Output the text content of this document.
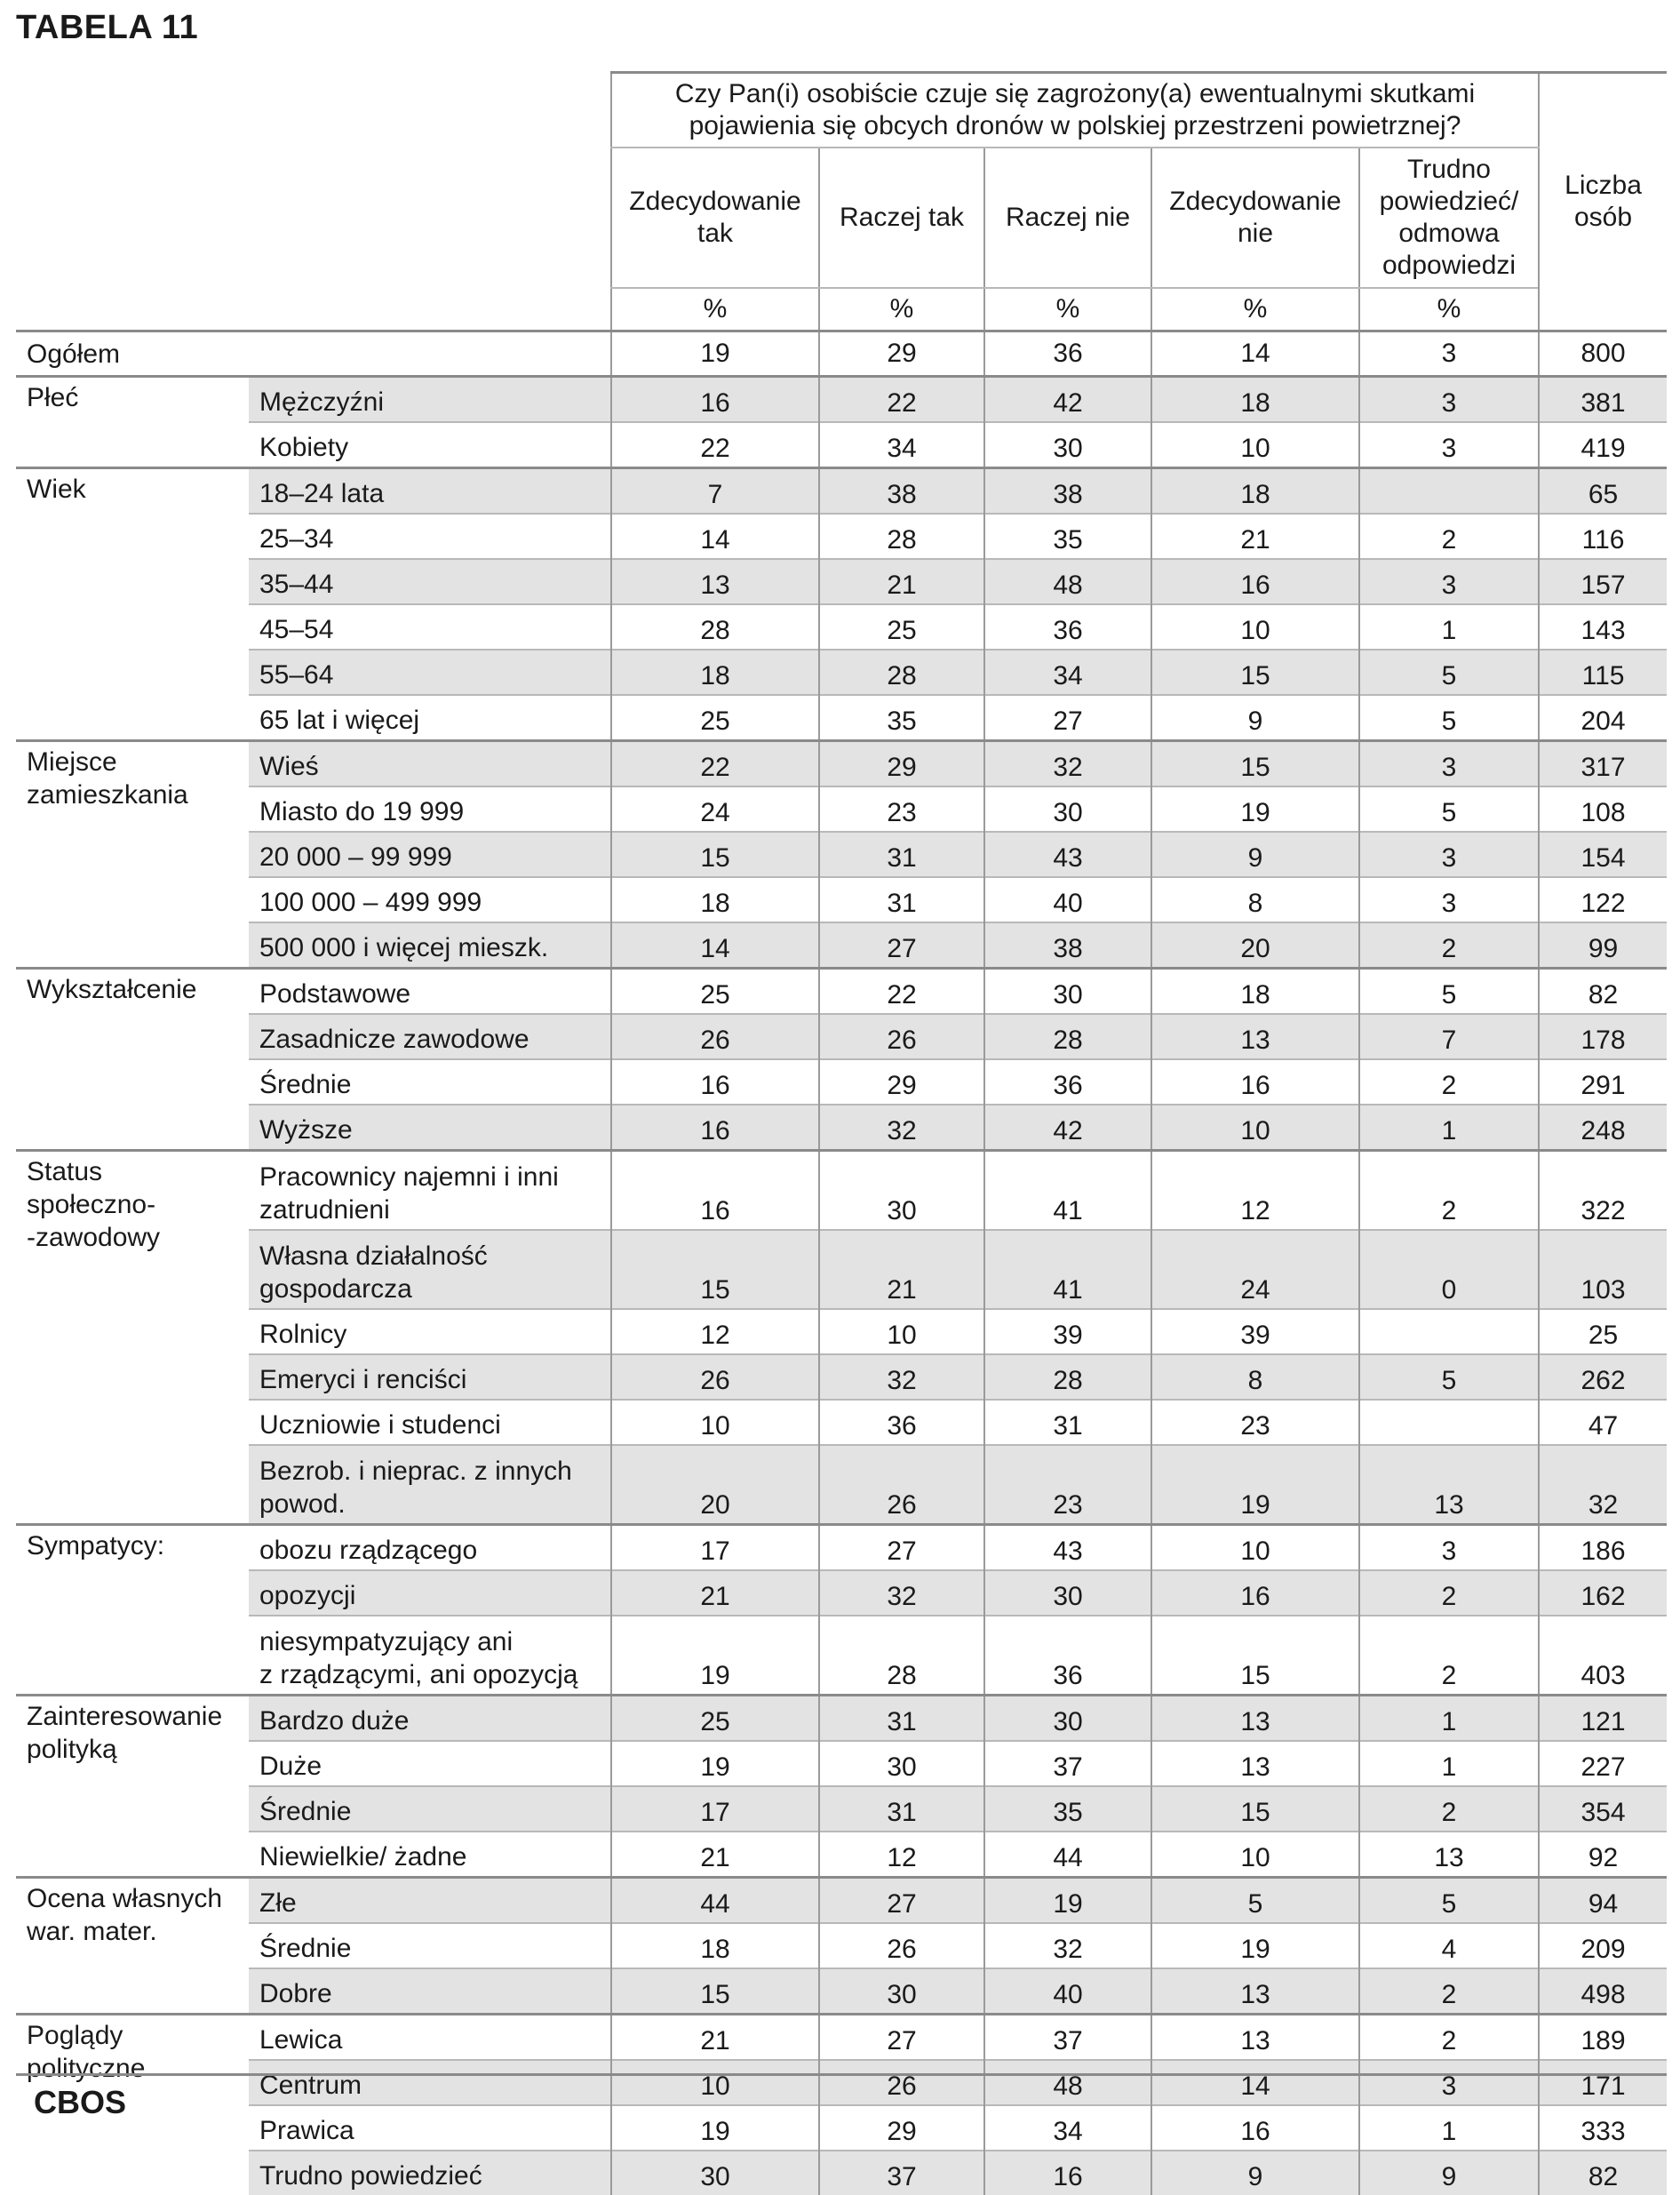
TABELA 11
		Czy Pan(i) osobiście czuje się zagrożony(a) ewentualnymi skutkami
pojawienia się obcych dronów w polskiej przestrzeni powietrznej?					Liczba
osób
		Zdecydowanie
tak	Raczej tak	Raczej nie	Zdecydowanie
nie	Trudno
powiedzieć/
odmowa
odpowiedzi	
		%	%	%	%	%	
Ogółem		19	29	36	14	3	800
Płeć	Mężczyźni	16	22	42	18	3	381

	Kobiety	22	34	30	10	3	419
Wiek	18–24 lata	7	38	38	18		65

	25–34	14	28	35	21	2	116

	35–44	13	21	48	16	3	157

	45–54	28	25	36	10	1	143

	55–64	18	28	34	15	5	115

	65 lat i więcej	25	35	27	9	5	204
Miejsce
zamieszkania	Wieś	22	29	32	15	3	317

	Miasto do 19 999	24	23	30	19	5	108

	20 000 – 99 999	15	31	43	9	3	154

	100 000 – 499 999	18	31	40	8	3	122

	500 000 i więcej mieszk.	14	27	38	20	2	99
Wykształcenie	Podstawowe	25	22	30	18	5	82

	Zasadnicze zawodowe	26	26	28	13	7	178

	Średnie	16	29	36	16	2	291

	Wyższe	16	32	42	10	1	248
Status
społeczno-
-zawodowy	Pracownicy najemni i inni
zatrudnieni	16	30	41	12	2	322

	Własna działalność
gospodarcza	15	21	41	24	0	103

	Rolnicy	12	10	39	39		25

	Emeryci i renciści	26	32	28	8	5	262

	Uczniowie i studenci	10	36	31	23		47

	Bezrob. i nieprac. z innych
powod.	20	26	23	19	13	32
Sympatycy:	obozu rządzącego	17	27	43	10	3	186

	opozycji	21	32	30	16	2	162

	niesympatyzujący ani
z rządzącymi, ani opozycją	19	28	36	15	2	403
Zainteresowanie
polityką	Bardzo duże	25	31	30	13	1	121

	Duże	19	30	37	13	1	227

	Średnie	17	31	35	15	2	354

	Niewielkie/ żadne	21	12	44	10	13	92
Ocena własnych
war. mater.	Złe	44	27	19	5	5	94

	Średnie	18	26	32	19	4	209

	Dobre	15	30	40	13	2	498
Poglądy
polityczne	Lewica	21	27	37	13	2	189

	Centrum	10	26	48	14	3	171

	Prawica	19	29	34	16	1	333

	Trudno powiedzieć	30	37	16	9	9	82
CBOS
